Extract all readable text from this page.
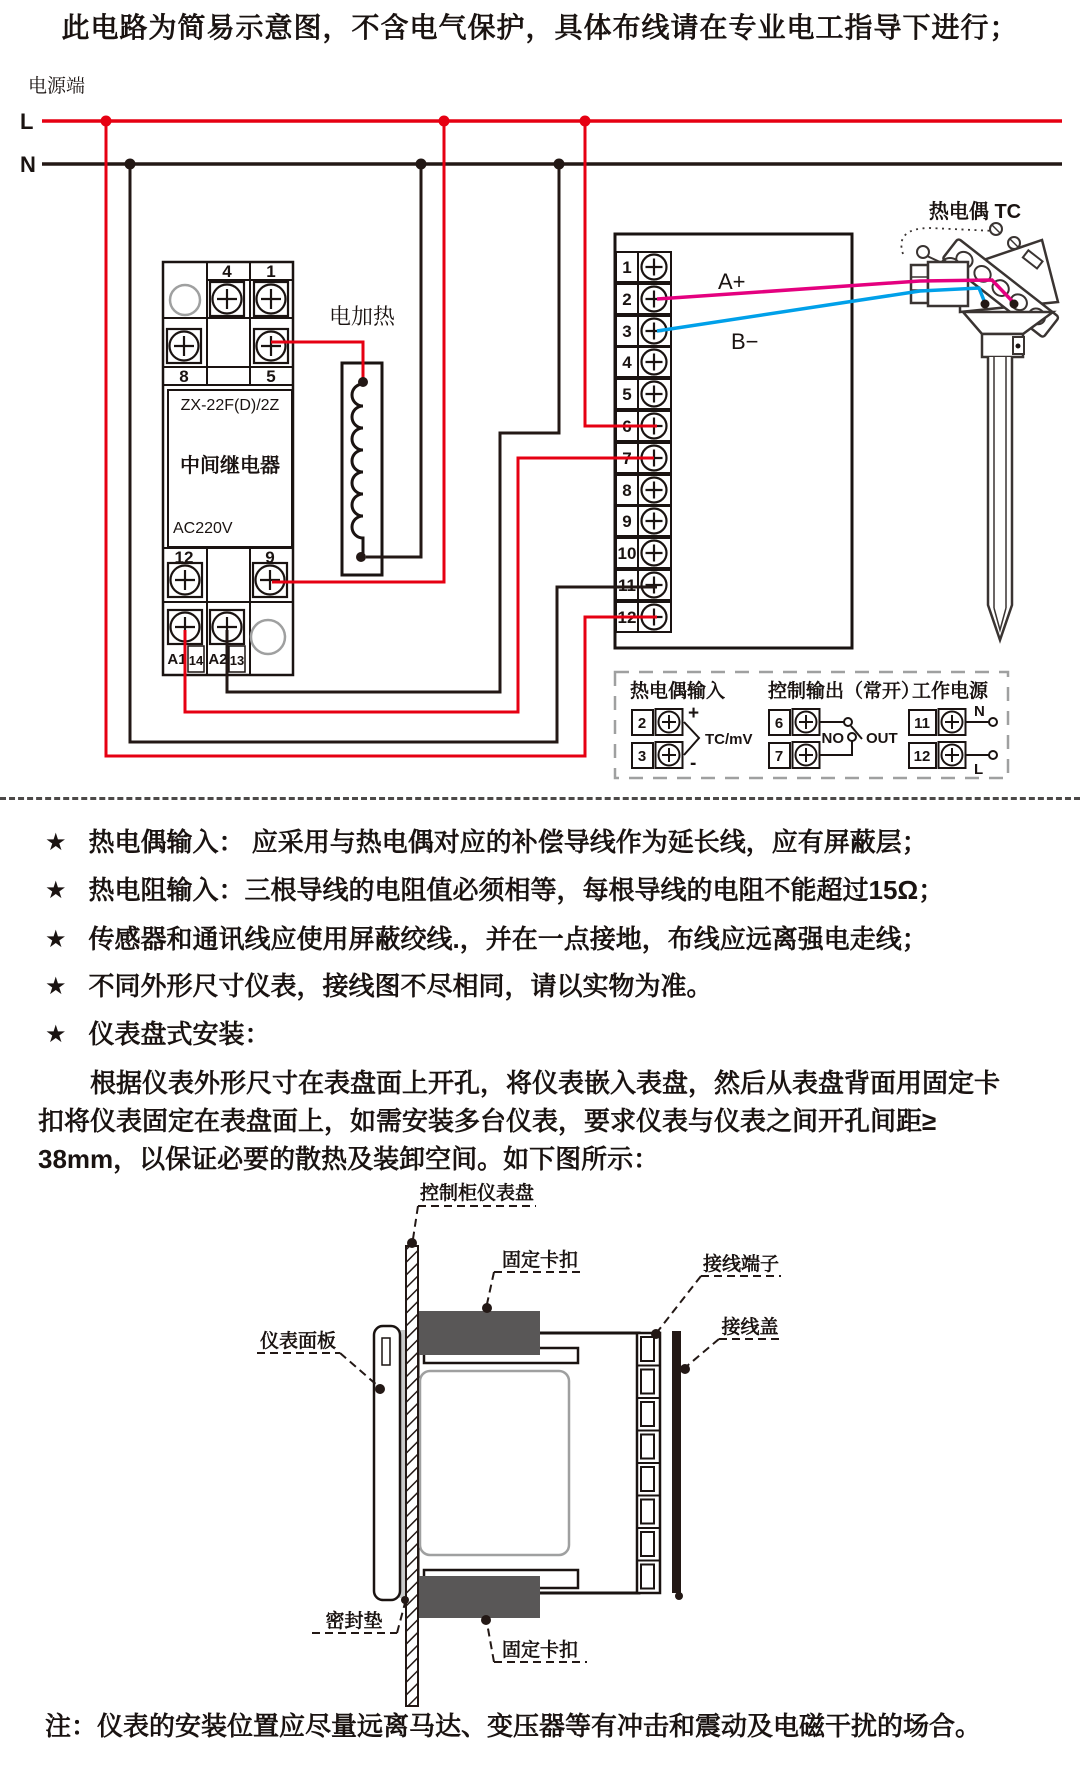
此电路为简易示意图，不含电气保护，具体布线请在专业电工指导下进行；
电源端
L
N
4 1
8	5
12	9
A1 14 A2 13
ZX-22F(D)/2Z
中间继电器
AC220V
电加热
1
2
3
4
5
6
7
8
9
10
11
12
热电偶 TC
A+
B−
热电偶输入
2
3
+
-
TC/mV
控制输出（常开）
6
7
NO OUT
工作电源
11
12
N
L
★ 热电偶输入： 应采用与热电偶对应的补偿导线作为延长线，应有屏蔽层；
★ 热电阻输入：三根导线的电阻值必须相等，每根导线的电阻不能超过15Ω；
★ 传感器和通讯线应使用屏蔽绞线.，并在一点接地，布线应远离强电走线；
★ 不同外形尺寸仪表，接线图不尽相同，请以实物为准。
★ 仪表盘式安装：
根据仪表外形尺寸在表盘面上开孔，将仪表嵌入表盘，然后从表盘背面用固定卡
扣将仪表固定在表盘面上，如需安装多台仪表，要求仪表与仪表之间开孔间距≥
38mm，以保证必要的散热及装卸空间。如下图所示：
控制柜仪表盘
固定卡扣	接线端子
接线盖
仪表面板
密封垫
固定卡扣
注：仪表的安装位置应尽量远离马达、变压器等有冲击和震动及电磁干扰的场合。
